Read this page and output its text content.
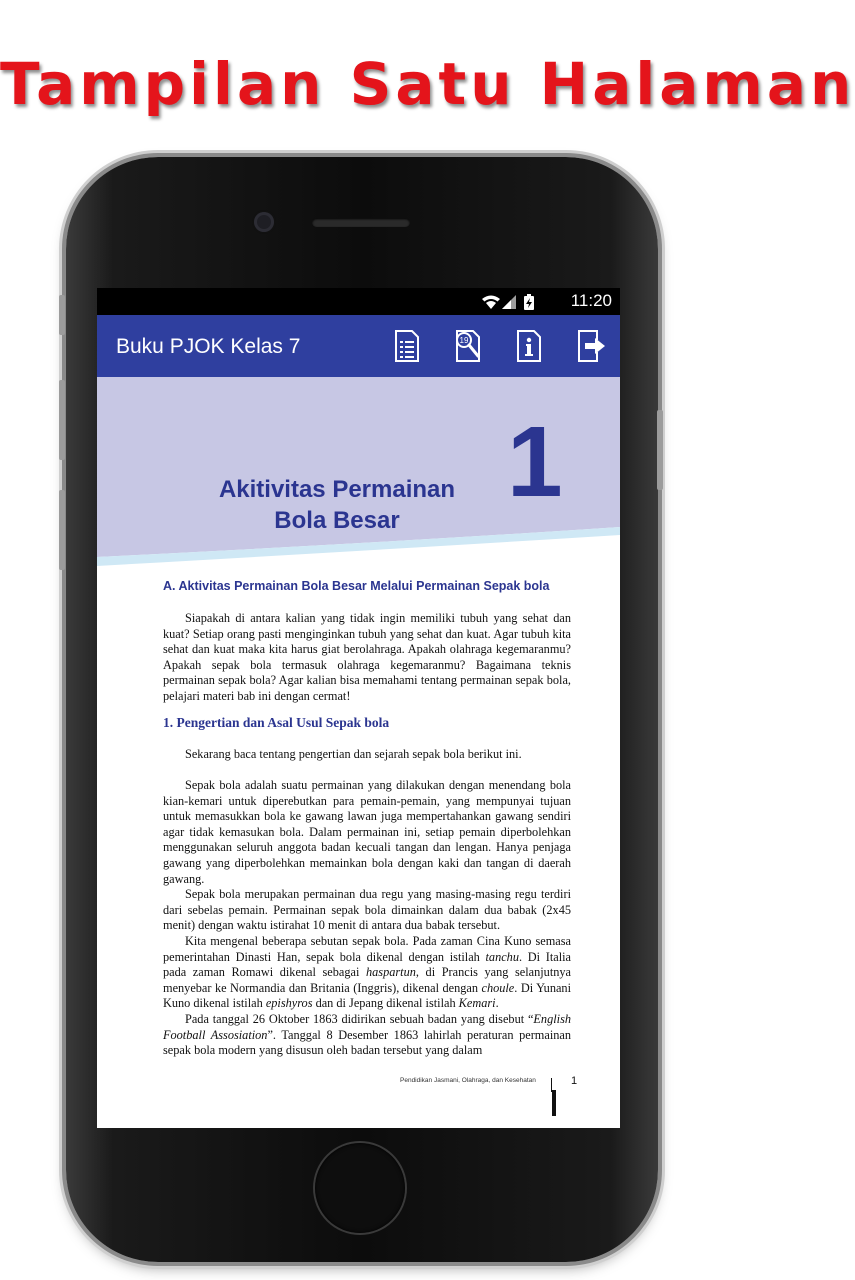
Tampilan Satu Halaman
11:20
Buku PJOK Kelas 7	19
Akitivitas Permainan
Bola Besar
1
A. Aktivitas Permainan Bola Besar Melalui Permainan Sepak bola

Siapakah di antara kalian yang tidak ingin memiliki tubuh yang sehat dan kuat? Setiap orang pasti menginginkan tubuh yang sehat dan kuat. Agar tubuh kita sehat dan kuat maka kita harus giat berolahraga. Apakah olahraga kegemaranmu? Apakah sepak bola termasuk olahraga kegemaranmu? Bagaimana teknis permainan sepak bola? Agar kalian bisa memahami tentang permainan sepak bola, pelajari materi bab ini dengan cermat!

1. Pengertian dan Asal Usul Sepak bola
Sekarang baca tentang pengertian dan sejarah sepak bola berikut ini.

Sepak bola adalah suatu permainan yang dilakukan dengan menendang bola kian-kemari untuk diperebutkan para pemain-pemain, yang mempunyai tujuan untuk memasukkan bola ke gawang lawan juga mempertahankan gawang sendiri agar tidak kemasukan bola. Dalam permainan ini, setiap pemain diperbolehkan menggunakan seluruh anggota badan kecuali tangan dan lengan. Hanya penjaga gawang yang diperbolehkan memainkan bola dengan kaki dan tangan di daerah gawang.

Sepak bola merupakan permainan dua regu yang masing-masing regu terdiri dari sebelas pemain. Permainan sepak bola dimainkan dalam dua babak (2x45 menit) dengan waktu istirahat 10 menit di antara dua babak tersebut.

Kita mengenal beberapa sebutan sepak bola. Pada zaman Cina Kuno semasa pemerintahan Dinasti Han, sepak bola dikenal dengan istilah tanchu. Di Italia pada zaman Romawi dikenal sebagai haspartun, di Prancis yang selanjutnya menyebar ke Normandia dan Britania (Inggris), dikenal dengan choule. Di Yunani Kuno dikenal istilah epishyros dan di Jepang dikenal istilah Kemari.

Pada tanggal 26 Oktober 1863 didirikan sebuah badan yang disebut “English Football Assosiation”. Tanggal 8 Desember 1863 lahirlah peraturan permainan sepak bola modern yang disusun oleh badan tersebut yang dalam

Pendidikan Jasmani, Olahraga, dan Kesehatan	1
